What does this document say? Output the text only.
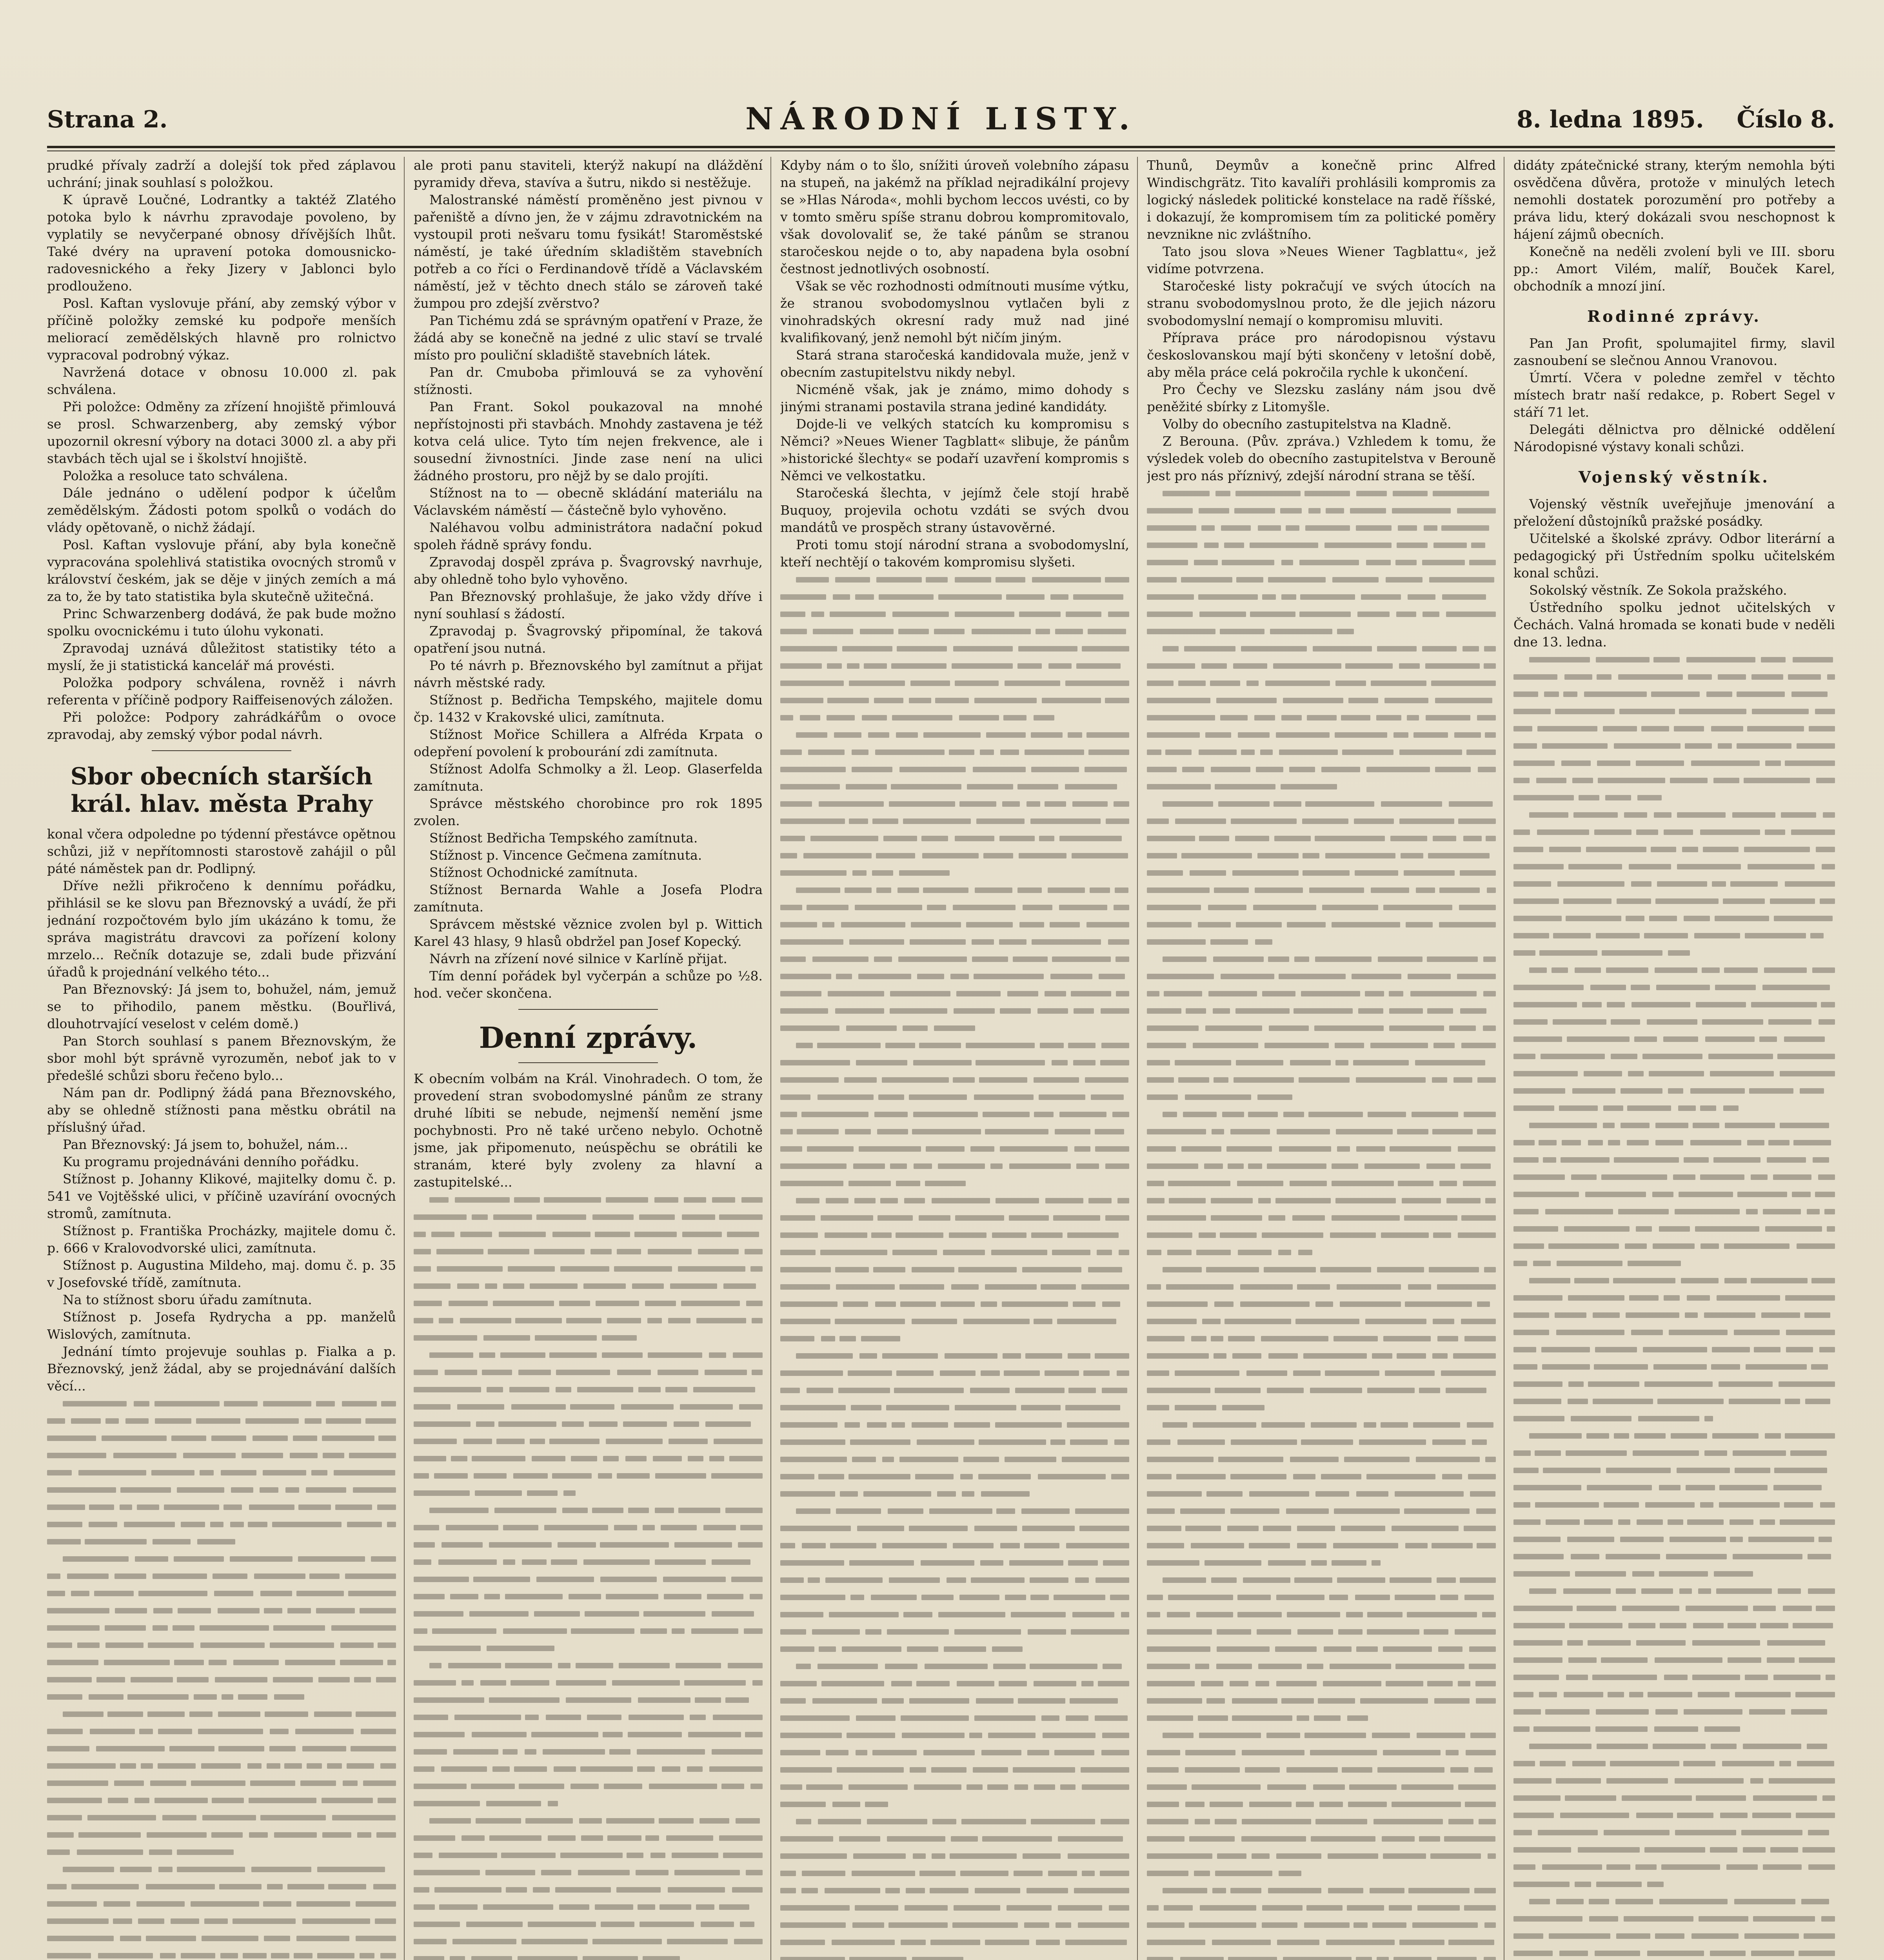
Strana 2.	NÁRODNÍ LISTY.	8. ledna 1895.    Číslo 8.

prudké přívaly zadrží a dolejší tok před záplavou uchrání; jinak souhlasí s položkou.

K úpravě Loučné, Lodrantky a taktéž Zlatého potoka bylo k návrhu zpravodaje povoleno, by vyplatily se nevyčerpané obnosy dřívějších lhůt. Také dvéry na upravení potoka domousnicko-radovesnického a řeky Jizery v Jablonci bylo prodlouženo.

Posl. Kaftan vyslovuje přání, aby zemský výbor v příčině položky zemské ku podpoře menších meliorací zemědělských hlavně pro rolnictvo vypracoval podrobný výkaz.

Navržená dotace v obnosu 10.000 zl. pak schválena.

Při položce: Odměny za zřízení hnojiště přimlouvá se prosl. Schwarzenberg, aby zemský výbor upozornil okresní výbory na dotaci 3000 zl. a aby při stavbách těch ujal se i školství hnojiště.

Položka a resoluce tato schválena.

Dále jednáno o udělení podpor k účelům zemědělským. Žádosti potom spolků o vodách do vlády opětovaně, o nichž žádají.

Posl. Kaftan vyslovuje přání, aby byla konečně vypracována spolehlivá statistika ovocných stromů v království českém, jak se děje v jiných zemích a má za to, že by tato statistika byla skutečně užitečná.

Princ Schwarzenberg dodává, že pak bude možno spolku ovocnickému i tuto úlohu vykonati.

Zpravodaj uznává důležitost statistiky této a myslí, že ji statistická kancelář má provésti.

Položka podpory schválena, rovněž i návrh referenta v příčině podpory Raiffeisenových záložen.

Při položce: Podpory zahrádkářům o ovoce zpravodaj, aby zemský výbor podal návrh.

Sbor obecních starších král. hlav. města Prahy

konal včera odpoledne po týdenní přestávce opětnou schůzi, již v nepřítomnosti starostově zahájil o půl páté náměstek pan dr. Podlipný.

Dříve nežli přikročeno k dennímu pořádku, přihlásil se ke slovu pan Březnovský a uvádí, že při jednání rozpočtovém bylo jím ukázáno k tomu, že správa magistrátu dravcovi za pořízení kolony mrzelo... Rečník dotazuje se, zdali bude přizvání úřadů k projednání velkého této...

Pan Březnovský: Já jsem to, bohužel, nám, jemuž se to přihodilo, panem městku. (Bouřlivá, dlouhotrvající veselost v celém domě.)

Pan Storch souhlasí s panem Březnovským, že sbor mohl být správně vyrozuměn, neboť jak to v předešlé schůzi sboru řečeno bylo...

Nám pan dr. Podlipný žádá pana Březnovského, aby se ohledně stížnosti pana městku obrátil na příslušný úřad.

Pan Březnovský: Já jsem to, bohužel, nám...

Ku programu projednáváni denního pořádku.

Stížnost p. Johanny Klikové, majitelky domu č. p. 541 ve Vojtěšské ulici, v příčině uzavírání ovocných stromů, zamítnuta.

Stížnost p. Františka Procházky, majitele domu č. p. 666 v Kralovodvorské ulici, zamítnuta.

Stížnost p. Augustina Mildeho, maj. domu č. p. 35 v Josefovské třídě, zamítnuta.

Na to stížnost sboru úřadu zamítnuta.

Stížnost p. Josefa Rydrycha a pp. manželů Wislových, zamítnuta.

Jednání tímto projevuje souhlas p. Fialka a p. Březnovský, jenž žádal, aby se projednávání dalších věcí...

ale proti panu staviteli, kterýž nakupí na dláždění pyramidy dřeva, stavíva a šutru, nikdo si nestěžuje.

Malostranské náměstí proměněno jest pivnou v pařeniště a dívno jen, že v zájmu zdravotnickém na vystoupil proti nešvaru tomu fysikát! Staroměstské náměstí, je také úředním skladištěm stavebních potřeb a co říci o Ferdinandově třídě a Václavském náměstí, jež v těchto dnech stálo se zároveň také žumpou pro zdejší zvěrstvo?

Pan Tichému zdá se správným opatření v Praze, že žádá aby se konečně na jedné z ulic staví se trvalé místo pro pouliční skladiště stavebních látek.

Pan dr. Cmuboba přimlouvá se za vyhovění stížnosti.

Pan Frant. Sokol poukazoval na mnohé nepřístojnosti při stavbách. Mnohdy zastavena je též kotva celá ulice. Tyto tím nejen frekvence, ale i sousední živnostníci. Jinde zase není na ulici žádného prostoru, pro nějž by se dalo projíti.

Stížnost na to — obecně skládání materiálu na Václavském náměstí — částečně bylo vyhověno.

Naléhavou volbu administrátora nadační pokud spoleh řádně správy fondu.

Zpravodaj dospěl zpráva p. Švagrovský navrhuje, aby ohledně toho bylo vyhověno.

Pan Březnovský prohlašuje, že jako vždy dříve i nyní souhlasí s žádostí.

Zpravodaj p. Švagrovský připomínal, že taková opatření jsou nutná.

Po té návrh p. Březnovského byl zamítnut a přijat návrh městské rady.

Stížnost p. Bedřicha Tempského, majitele domu čp. 1432 v Krakovské ulici, zamítnuta.

Stížnost Mořice Schillera a Alfréda Krpata o odepření povolení k probourání zdi zamítnuta.

Stížnost Adolfa Schmolky a žl. Leop. Glaserfelda zamítnuta.

Správce městského chorobince pro rok 1895 zvolen.

Stížnost Bedřicha Tempského zamítnuta.

Stížnost p. Vincence Gečmena zamítnuta.

Stížnost Ochodnické zamítnuta.

Stížnost Bernarda Wahle a Josefa Plodra zamítnuta.

Správcem městské věznice zvolen byl p. Wittich Karel 43 hlasy, 9 hlasů obdržel pan Josef Kopecký.

Návrh na zřízení nové silnice v Karlíně přijat.

Tím denní pořádek byl vyčerpán a schůze po ½8. hod. večer skončena.

Denní zprávy.

K obecním volbám na Král. Vinohradech. O tom, že provedení stran svobodomyslné pánům ze strany druhé líbiti se nebude, nejmenší nemění jsme pochybnosti. Pro ně také určeno nebylo. Ochotně jsme, jak připomenuto, neúspěchu se obrátili ke stranám, které byly zvoleny za hlavní a zastupitelské...

Kdyby nám o to šlo, snížiti úroveň volebního zápasu na stupeň, na jakémž na příklad nejradikální projevy se »Hlas Národa«, mohli bychom leccos uvésti, co by v tomto směru spíše stranu dobrou kompromitovalo, však dovolovaliť se, že také pánům se stranou staročeskou nejde o to, aby napadena byla osobní čestnost jednotlivých osobností.

Však se věc rozhodnosti odmítnouti musíme výtku, že stranou svobodomyslnou vytlačen byli z vinohradských okresní rady muž nad jiné kvalifikovaný, jenž nemohl být ničím jiným.

Stará strana staročeská kandidovala muže, jenž v obecním zastupitelstvu nikdy nebyl.

Nicméně však, jak je známo, mimo dohody s jinými stranami postavila strana jediné kandidáty.

Dojde-li ve velkých statcích ku kompromisu s Němci? »Neues Wiener Tagblatt« slibuje, že pánům »historické šlechty« se podaří uzavření kompromis s Němci ve velkostatku.

Staročeská šlechta, v jejímž čele stojí hrabě Buquoy, projevila ochotu vzdáti se svých dvou mandátů ve prospěch strany ústavověrné.

Proti tomu stojí národní strana a svobodomyslní, kteří nechtějí o takovém kompromisu slyšeti.

Thunů, Deymův a konečně princ Alfred Windischgrätz. Tito kavalíři prohlásili kompromis za logický následek politické konstelace na radě říšské, i dokazují, že kompromisem tím za politické poměry nevznikne nic zvláštního.

Tato jsou slova »Neues Wiener Tagblattu«, jež vidíme potvrzena.

Staročeské listy pokračují ve svých útocích na stranu svobodomyslnou proto, že dle jejich názoru svobodomyslní nemají o kompromisu mluviti.

Příprava práce pro národopisnou výstavu českoslovanskou mají býti skončeny v letošní době, aby měla práce celá pokročila rychle k ukončení.

Pro Čechy ve Slezsku zaslány nám jsou dvě peněžité sbírky z Litomyšle.

Volby do obecního zastupitelstva na Kladně.

Z Berouna. (Pův. zpráva.) Vzhledem k tomu, že výsledek voleb do obecního zastupitelstva v Berouně jest pro nás příznivý, zdejší národní strana se těší.

didáty zpátečnické strany, kterým nemohla býti osvědčena důvěra, protože v minulých letech nemohli dostatek porozumění pro potřeby a práva lidu, který dokázali svou neschopnost k hájení zájmů obecních.

Konečně na neděli zvolení byli ve III. sboru pp.: Amort Vilém, malíř, Bouček Karel, obchodník a mnozí jiní.

Rodinné zprávy.

Pan Jan Profit, spolumajitel firmy, slavil zasnoubení se slečnou Annou Vranovou.

Úmrtí. Včera v poledne zemřel v těchto místech bratr naší redakce, p. Robert Segel v stáří 71 let.

Delegáti dělnictva pro dělnické oddělení Národopisné výstavy konali schůzi.

Vojenský věstník.

Vojenský věstník uveřejňuje jmenování a přeložení důstojníků pražské posádky.

Učitelské a školské zprávy. Odbor literární a pedagogický při Ústředním spolku učitelském konal schůzi.

Sokolský věstník. Ze Sokola pražského.

Ústředního spolku jednot učitelských v Čechách. Valná hromada se konati bude v neděli dne 13. ledna.
